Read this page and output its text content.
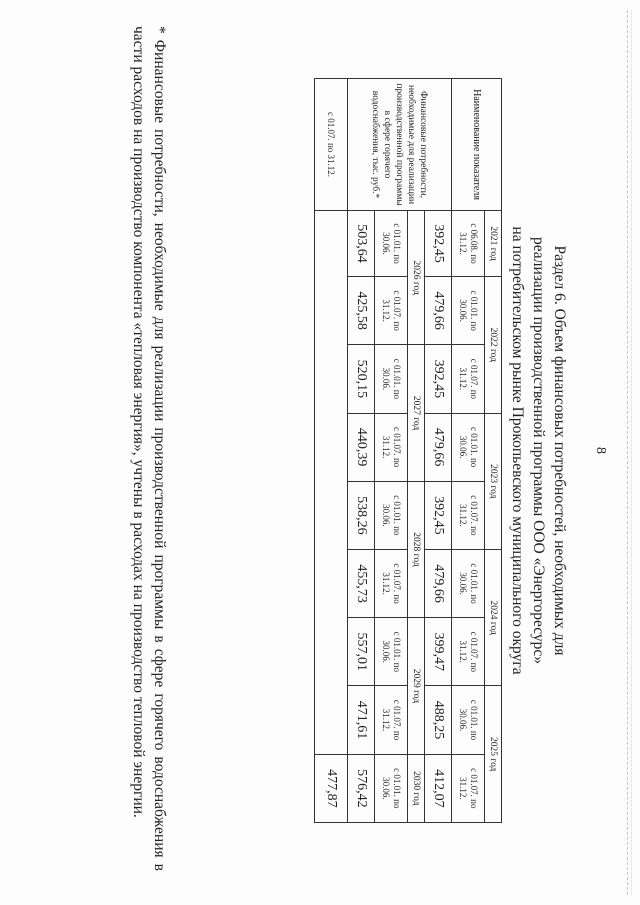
8
Раздел 6. Объем финансовых потребностей, необходимых для
реализации производственной программы ООО «Энергоресурс»
на потребительском рынке Прокопьевского муниципального округа
Наименование показателя	2021 год	2022 год		2023 год		2024 год		2025 год	
	с 06.08. по 31.12.	с 01.01. по 30.06.	с 01.07. по 31.12.	с 01.01. по 30.06.	с 01.07. по 31.12.	с 01.01. по 30.06.	с 01.07. по 31.12.	с 01.01. по 30.06.	с 01.07. по 31.12.
Финансовые потребности, необходимые для реализации производственной программы в сфере горячего водоснабжения, тыс. руб.*	392,45	479,66	392,45	479,66	392,45	479,66	399,47	488,25	412,07
	2026 год		2027 год		2028 год		2029 год		2030 год
	с 01.01. по 30.06.	с 01.07. по 31.12.	с 01.01. по 30.06.	с 01.07. по 31.12.	с 01.01. по 30.06.	с 01.07. по 31.12.	с 01.01. по 30.06.	с 01.07. по 31.12.	с 01.01. по 30.06.
	503,64	425,58	520,15	440,39	538,26	455,73	557,01	471,61	576,42
с 01.07. по 31.12.									477,87
* Финансовые потребности, необходимые для реализации производственной программы в сфере горячего водоснабжения в части расходов на производство компонента «тепловая энергия», учтены в расходах на производство тепловой энергии.
